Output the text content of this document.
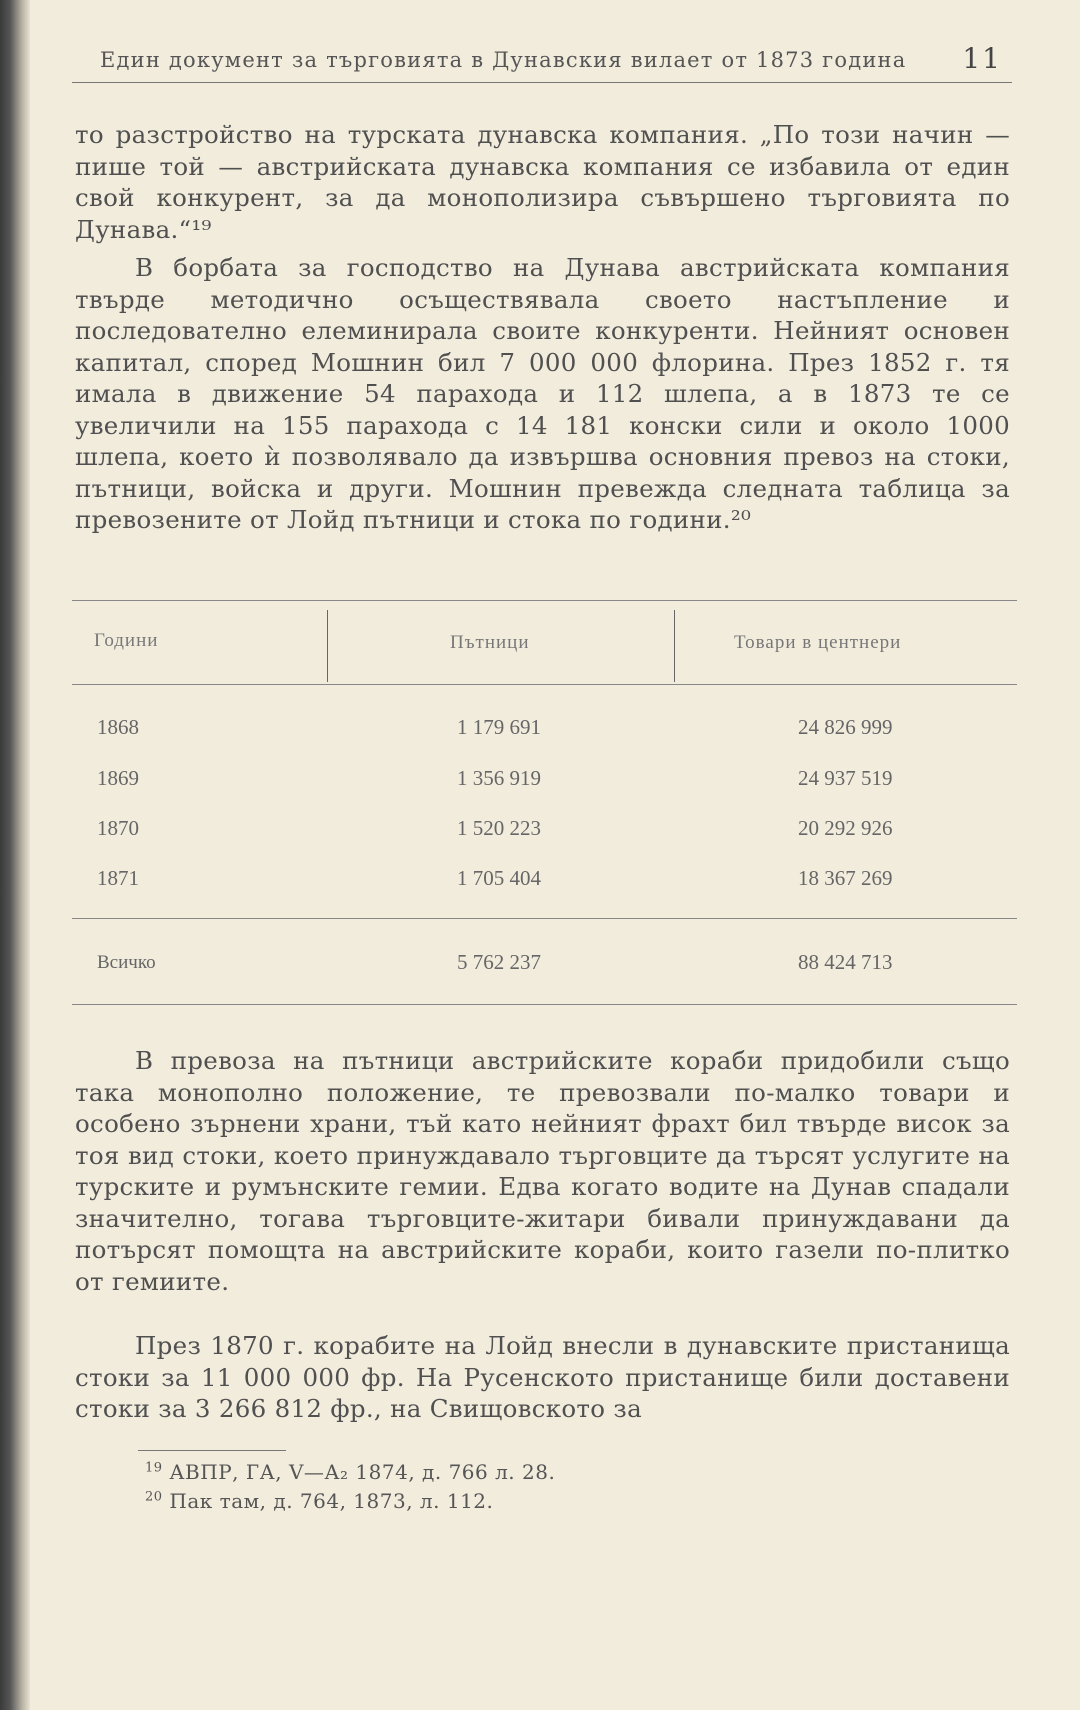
Един документ за търговията в Дунавския вилает от 1873 година 11

то разстройство на турската дунавска компания. „По този начин — пише той — австрийската дунавска компания се избавила от един свой конкурент, за да монополизира съвършено търговията по Дунава.“¹⁹

В борбата за господство на Дунава австрийската компания твърде методично осъществявала своето настъпление и последователно елеминирала своите конкуренти. Нейният основен капитал, според Мошнин бил 7 000 000 флорина. През 1852 г. тя имала в движение 54 парахода и 112 шлепа, а в 1873 те се увеличили на 155 парахода с 14 181 конски сили и около 1000 шлепа, което ѝ позволявало да извършва основния превоз на стоки, пътници, войска и други. Мошнин превежда следната таблица за превозените от Лойд пътници и стока по години.²⁰

Години	Пътници	Товари в центнери
1868	1 179 691	24 826 999
1869	1 356 919	24 937 519
1870	1 520 223	20 292 926
1871	1 705 404	18 367 269
Всичко	5 762 237	88 424 713

В превоза на пътници австрийските кораби придобили също така монополно положение, те превозвали по-малко товари и особено зърнени храни, тъй като нейният фрахт бил твърде висок за тоя вид стоки, което принуждавало търговците да търсят услугите на турските и румънските гемии. Едва когато водите на Дунав спадали значително, тогава търговците-житари бивали принуждавани да потърсят помощта на австрийските кораби, които газели по-плитко от гемиите.

През 1870 г. корабите на Лойд внесли в дунавските пристанища стоки за 11 000 000 фр. На Русенското пристанище били доставени стоки за 3 266 812 фр., на Свищовското за

$^{19}$ АВПР, ГА, V—А₂ 1874, д. 766 л. 28.
$^{20}$ Пак там, д. 764, 1873, л. 112.
